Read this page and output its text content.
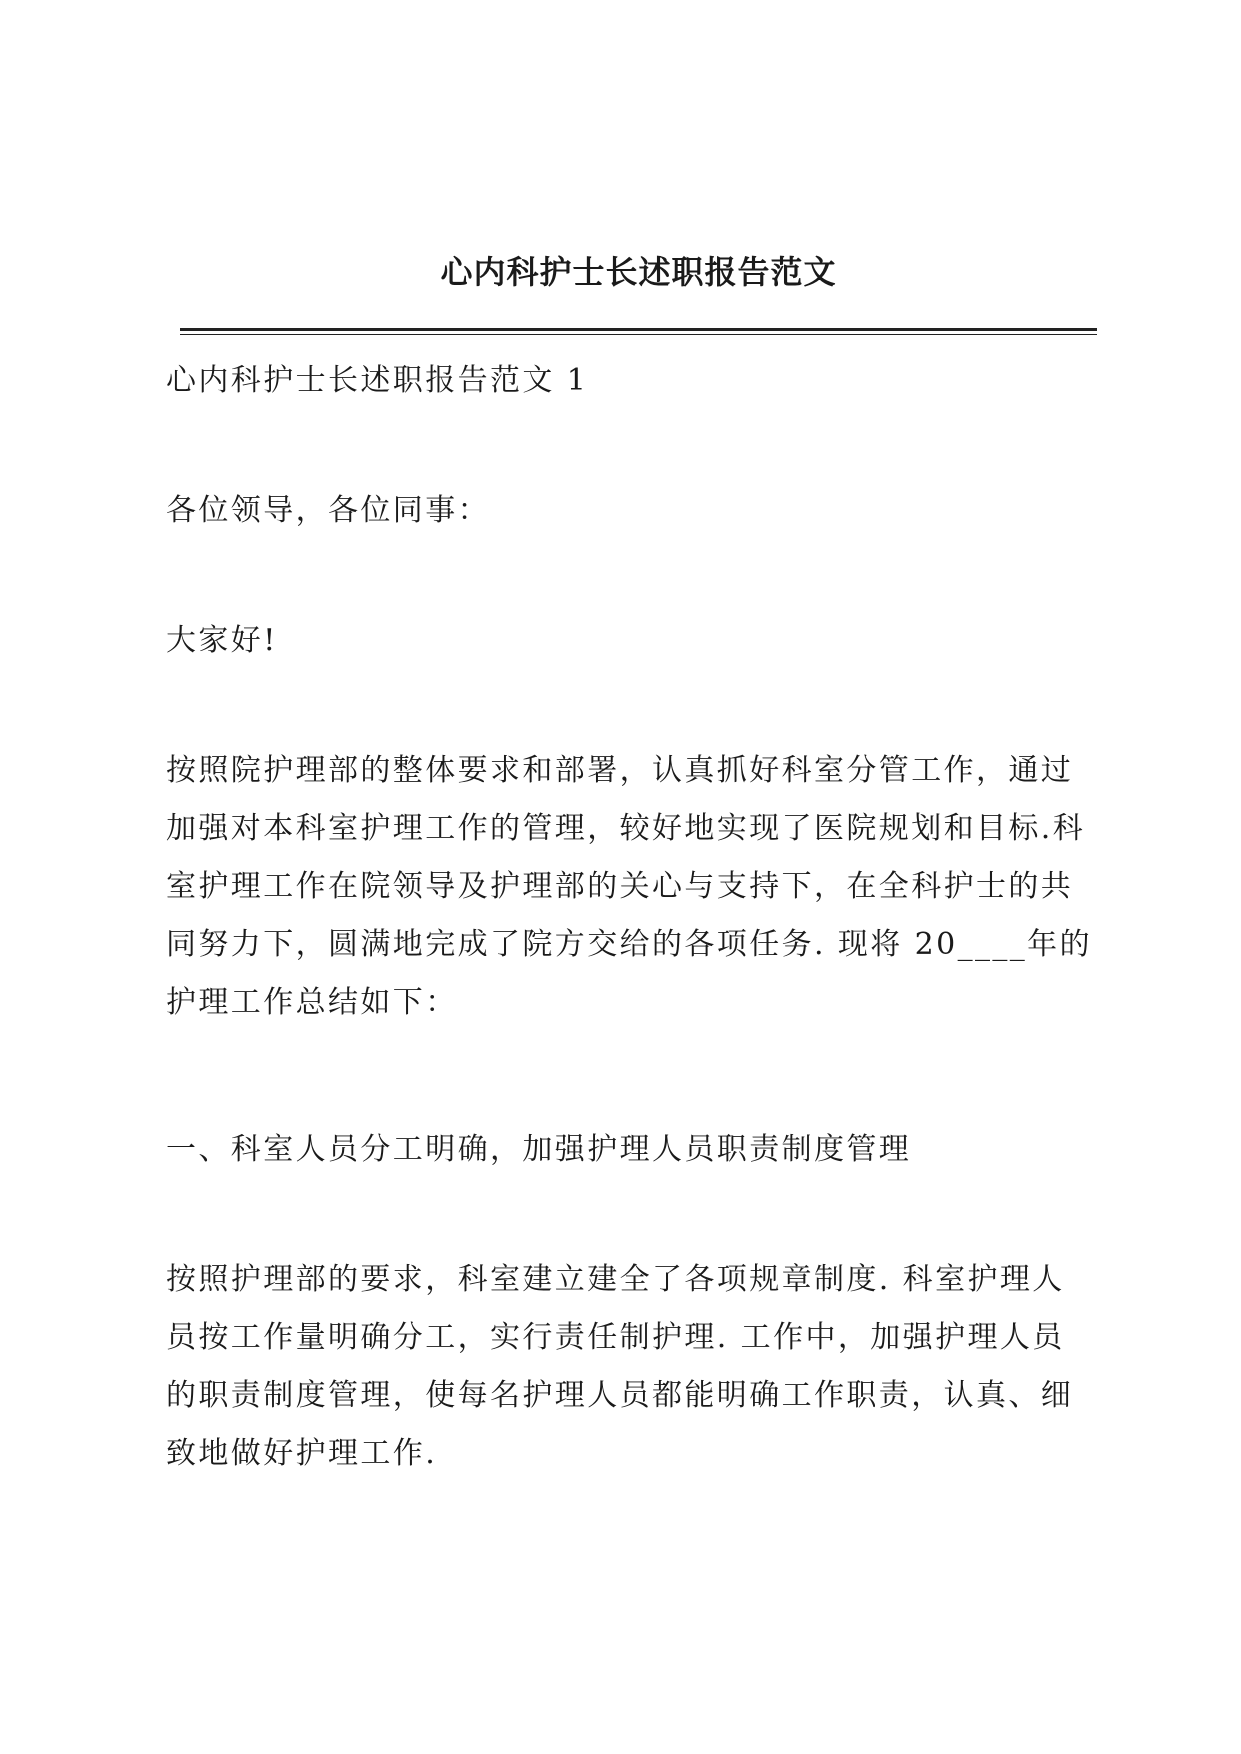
心内科护士长述职报告范文

心内科护士长述职报告范文 1

各位领导，各位同事：

大家好!

按照院护理部的整体要求和部署，认真抓好科室分管工作，通过加强对本科室护理工作的管理，较好地实现了医院规划和目标.科室护理工作在院领导及护理部的关心与支持下，在全科护士的共同努力下，圆满地完成了院方交给的各项任务. 现将 20____年的护理工作总结如下：

一、科室人员分工明确，加强护理人员职责制度管理

按照护理部的要求，科室建立建全了各项规章制度. 科室护理人员按工作量明确分工，实行责任制护理. 工作中，加强护理人员的职责制度管理，使每名护理人员都能明确工作职责，认真、细致地做好护理工作.
